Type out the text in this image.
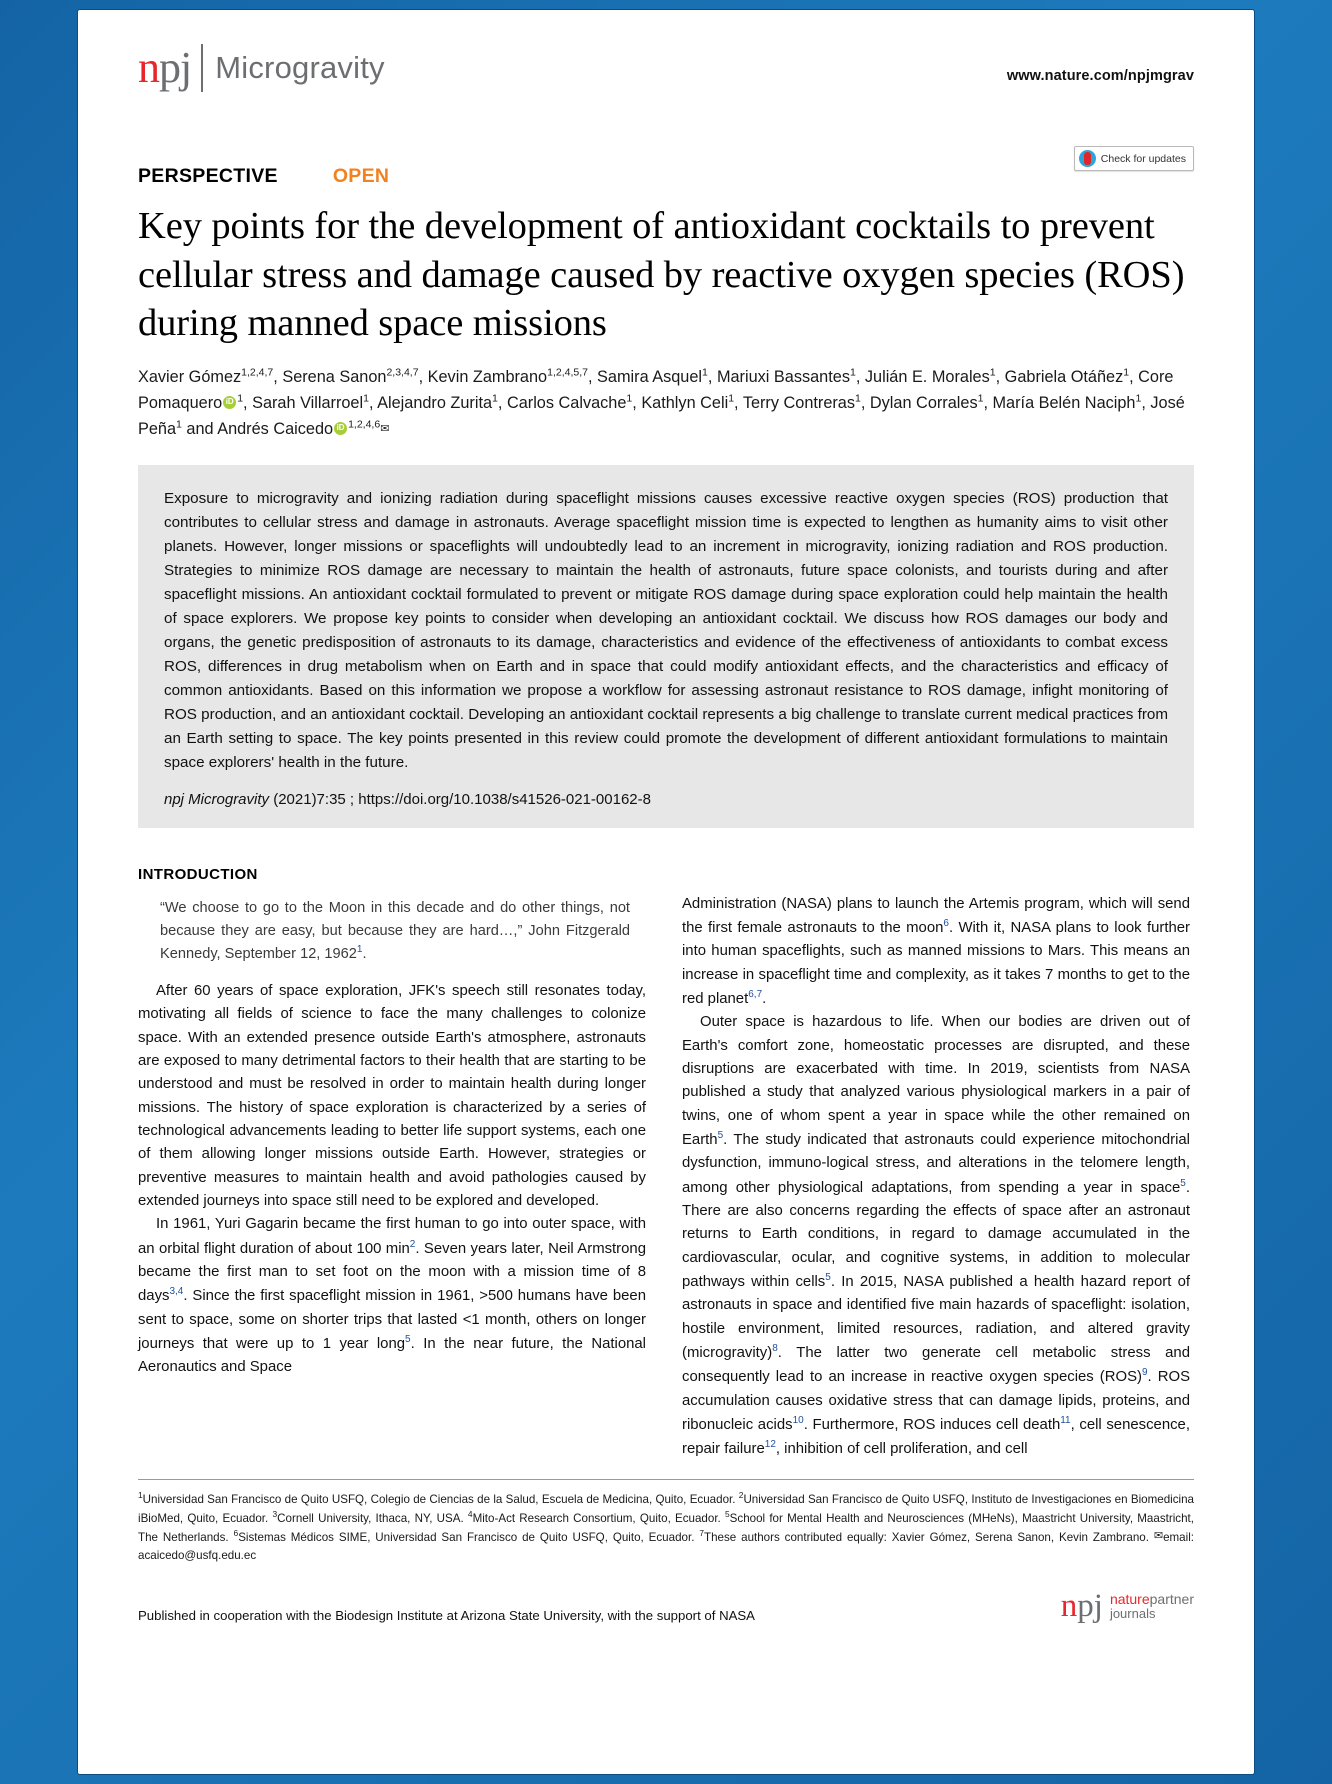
npj Microgravity	www.nature.com/npjmgrav
PERSPECTIVE	OPEN
Check for updates
Key points for the development of antioxidant cocktails to prevent cellular stress and damage caused by reactive oxygen species (ROS) during manned space missions
Xavier Gómez$^{1,2,4,7}$, Serena Sanon$^{2,3,4,7}$, Kevin Zambrano$^{1,2,4,5,7}$, Samira Asquel$^1$, Mariuxi Bassantes$^1$, Julián E. Morales$^1$, Gabriela Otáñez$^1$, Core Pomaquero iD $^1$, Sarah Villarroel$^1$, Alejandro Zurita$^1$, Carlos Calvache$^1$, Kathlyn Celi$^1$, Terry Contreras$^1$, Dylan Corrales$^1$, María Belén Naciph$^1$, José Peña$^1$ and Andrés Caicedo iD $^{1,2,4,6}$✉
Exposure to microgravity and ionizing radiation during spaceflight missions causes excessive reactive oxygen species (ROS) production that contributes to cellular stress and damage in astronauts. Average spaceflight mission time is expected to lengthen as humanity aims to visit other planets. However, longer missions or spaceflights will undoubtedly lead to an increment in microgravity, ionizing radiation and ROS production. Strategies to minimize ROS damage are necessary to maintain the health of astronauts, future space colonists, and tourists during and after spaceflight missions. An antioxidant cocktail formulated to prevent or mitigate ROS damage during space exploration could help maintain the health of space explorers. We propose key points to consider when developing an antioxidant cocktail. We discuss how ROS damages our body and organs, the genetic predisposition of astronauts to its damage, characteristics and evidence of the effectiveness of antioxidants to combat excess ROS, differences in drug metabolism when on Earth and in space that could modify antioxidant effects, and the characteristics and efficacy of common antioxidants. Based on this information we propose a workflow for assessing astronaut resistance to ROS damage, infight monitoring of ROS production, and an antioxidant cocktail. Developing an antioxidant cocktail represents a big challenge to translate current medical practices from an Earth setting to space. The key points presented in this review could promote the development of different antioxidant formulations to maintain space explorers' health in the future.
npj Microgravity (2021)7:35 ; https://doi.org/10.1038/s41526-021-00162-8
INTRODUCTION
“We choose to go to the Moon in this decade and do other things, not because they are easy, but because they are hard…,” John Fitzgerald Kennedy, September 12, 1962$^1$.

After 60 years of space exploration, JFK's speech still resonates today, motivating all fields of science to face the many challenges to colonize space. With an extended presence outside Earth's atmosphere, astronauts are exposed to many detrimental factors to their health that are starting to be understood and must be resolved in order to maintain health during longer missions. The history of space exploration is characterized by a series of technological advancements leading to better life support systems, each one of them allowing longer missions outside Earth. However, strategies or preventive measures to maintain health and avoid pathologies caused by extended journeys into space still need to be explored and developed.

In 1961, Yuri Gagarin became the first human to go into outer space, with an orbital flight duration of about 100 min$^2$. Seven years later, Neil Armstrong became the first man to set foot on the moon with a mission time of 8 days$^{3,4}$. Since the first spaceflight mission in 1961, >500 humans have been sent to space, some on shorter trips that lasted <1 month, others on longer journeys that were up to 1 year long$^5$. In the near future, the National Aeronautics and Space

Administration (NASA) plans to launch the Artemis program, which will send the first female astronauts to the moon$^6$. With it, NASA plans to look further into human spaceflights, such as manned missions to Mars. This means an increase in spaceflight time and complexity, as it takes 7 months to get to the red planet$^{6,7}$.

Outer space is hazardous to life. When our bodies are driven out of Earth's comfort zone, homeostatic processes are disrupted, and these disruptions are exacerbated with time. In 2019, scientists from NASA published a study that analyzed various physiological markers in a pair of twins, one of whom spent a year in space while the other remained on Earth$^5$. The study indicated that astronauts could experience mitochondrial dysfunction, immuno-logical stress, and alterations in the telomere length, among other physiological adaptations, from spending a year in space$^5$. There are also concerns regarding the effects of space after an astronaut returns to Earth conditions, in regard to damage accumulated in the cardiovascular, ocular, and cognitive systems, in addition to molecular pathways within cells$^5$. In 2015, NASA published a health hazard report of astronauts in space and identified five main hazards of spaceflight: isolation, hostile environment, limited resources, radiation, and altered gravity (microgravity)$^8$. The latter two generate cell metabolic stress and consequently lead to an increase in reactive oxygen species (ROS)$^9$. ROS accumulation causes oxidative stress that can damage lipids, proteins, and ribonucleic acids$^{10}$. Furthermore, ROS induces cell death$^{11}$, cell senescence, repair failure$^{12}$, inhibition of cell proliferation, and cell

$^1$Universidad San Francisco de Quito USFQ, Colegio de Ciencias de la Salud, Escuela de Medicina, Quito, Ecuador. $^2$Universidad San Francisco de Quito USFQ, Instituto de Investigaciones en Biomedicina iBioMed, Quito, Ecuador. $^3$Cornell University, Ithaca, NY, USA. $^4$Mito-Act Research Consortium, Quito, Ecuador. $^5$School for Mental Health and Neurosciences (MHeNs), Maastricht University, Maastricht, The Netherlands. $^6$Sistemas Médicos SIME, Universidad San Francisco de Quito USFQ, Quito, Ecuador. $^7$These authors contributed equally: Xavier Gómez, Serena Sanon, Kevin Zambrano. ✉email: acaicedo@usfq.edu.ec
Published in cooperation with the Biodesign Institute at Arizona State University, with the support of NASA	npj naturepartner
journals
